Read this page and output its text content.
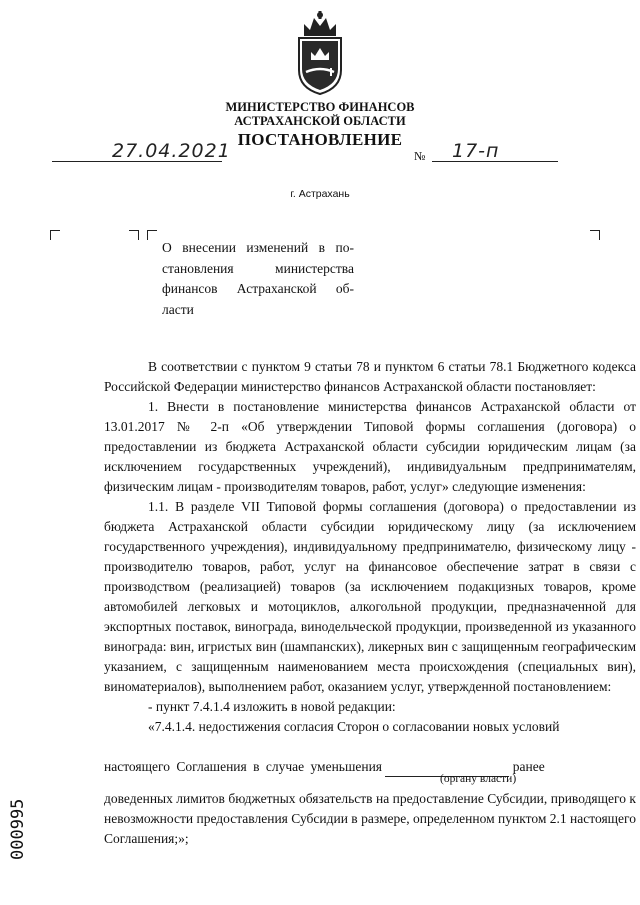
МИНИСТЕРСТВО ФИНАНСОВ
АСТРАХАНСКОЙ ОБЛАСТИ
ПОСТАНОВЛЕНИЕ
27.04.2021	№ 17-п
г. Астрахань
О внесении изменений в по-
становления министерства
финансов Астраханской об-
ласти

В соответствии с пунктом 9 статьи 78 и пунктом 6 статьи 78.1 Бюджетного кодекса Российской Федерации министерство финансов Астраханской области постановляет:

1. Внести в постановление министерства финансов Астраханской области от 13.01.2017 № 2-п «Об утверждении Типовой формы соглашения (договора) о предоставлении из бюджета Астраханской области субсидии юридическим лицам (за исключением государственных учреждений), индивидуальным предпринимателям, физическим лицам - производителям товаров, работ, услуг» следующие изменения:

1.1. В разделе VII Типовой формы соглашения (договора) о предоставлении из бюджета Астраханской области субсидии юридическому лицу (за исключением государственного учреждения), индивидуальному предпринимателю, физическому лицу - производителю товаров, работ, услуг на финансовое обеспечение затрат в связи с производством (реализацией) товаров (за исключением подакцизных товаров, кроме автомобилей легковых и мотоциклов, алкогольной продукции, предназначенной для экспортных поставок, винограда, винодельческой продукции, произведенной из указанного винограда: вин, игристых вин (шампанских), ликерных вин с защищенным географическим указанием, с защищенным наименованием места происхождения (специальных вин), виноматериалов), выполнением работ, оказанием услуг, утвержденной постановлением:

- пункт 7.4.1.4 изложить в новой редакции:

«7.4.1.4. недостижения согласия Сторон о согласовании новых условий

настоящего Соглашения в случае уменьшения	ранее
(органу власти)

доведенных лимитов бюджетных обязательств на предоставление Субсидии, приводящего к невозможности предоставления Субсидии в размере, определенном пунктом 2.1 настоящего Соглашения;»;

000995
